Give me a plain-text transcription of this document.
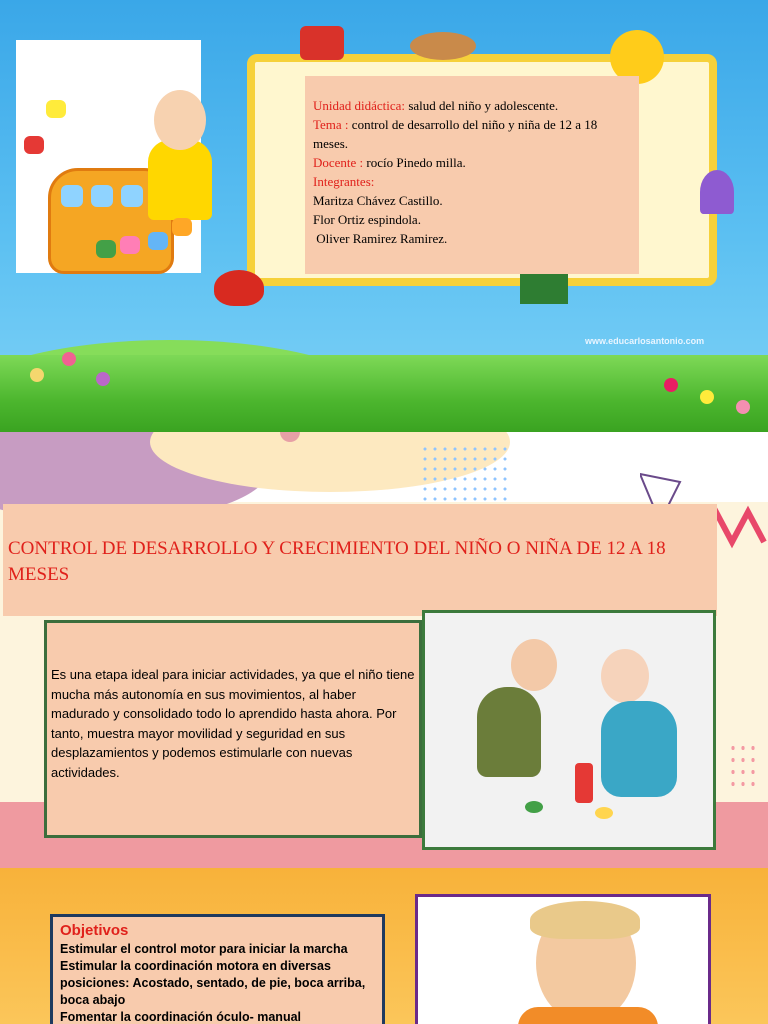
Unidad didáctica: salud del niño y adolescente.
Tema : control de desarrollo del niño y niña de 12 a 18 meses.
Docente : rocío Pinedo milla.
Integrantes:
Maritza Chávez Castillo.
Flor Ortiz espindola.
Oliver Ramirez Ramirez.
www.educarlosantonio.com
CONTROL DE DESARROLLO Y CRECIMIENTO DEL NIÑO O NIÑA DE 12 A 18 MESES
Es una etapa ideal para iniciar actividades, ya que el niño tiene mucha más autonomía en sus movimientos, al haber madurado y consolidado todo lo aprendido hasta ahora. Por tanto, muestra mayor movilidad y seguridad en sus desplazamientos y podemos estimularle con nuevas actividades.
Objetivos
Estimular el control motor para iniciar la marcha
Estimular la coordinación motora en diversas posiciones: Acostado, sentado, de pie, boca arriba, boca abajo
Fomentar la coordinación óculo- manual
